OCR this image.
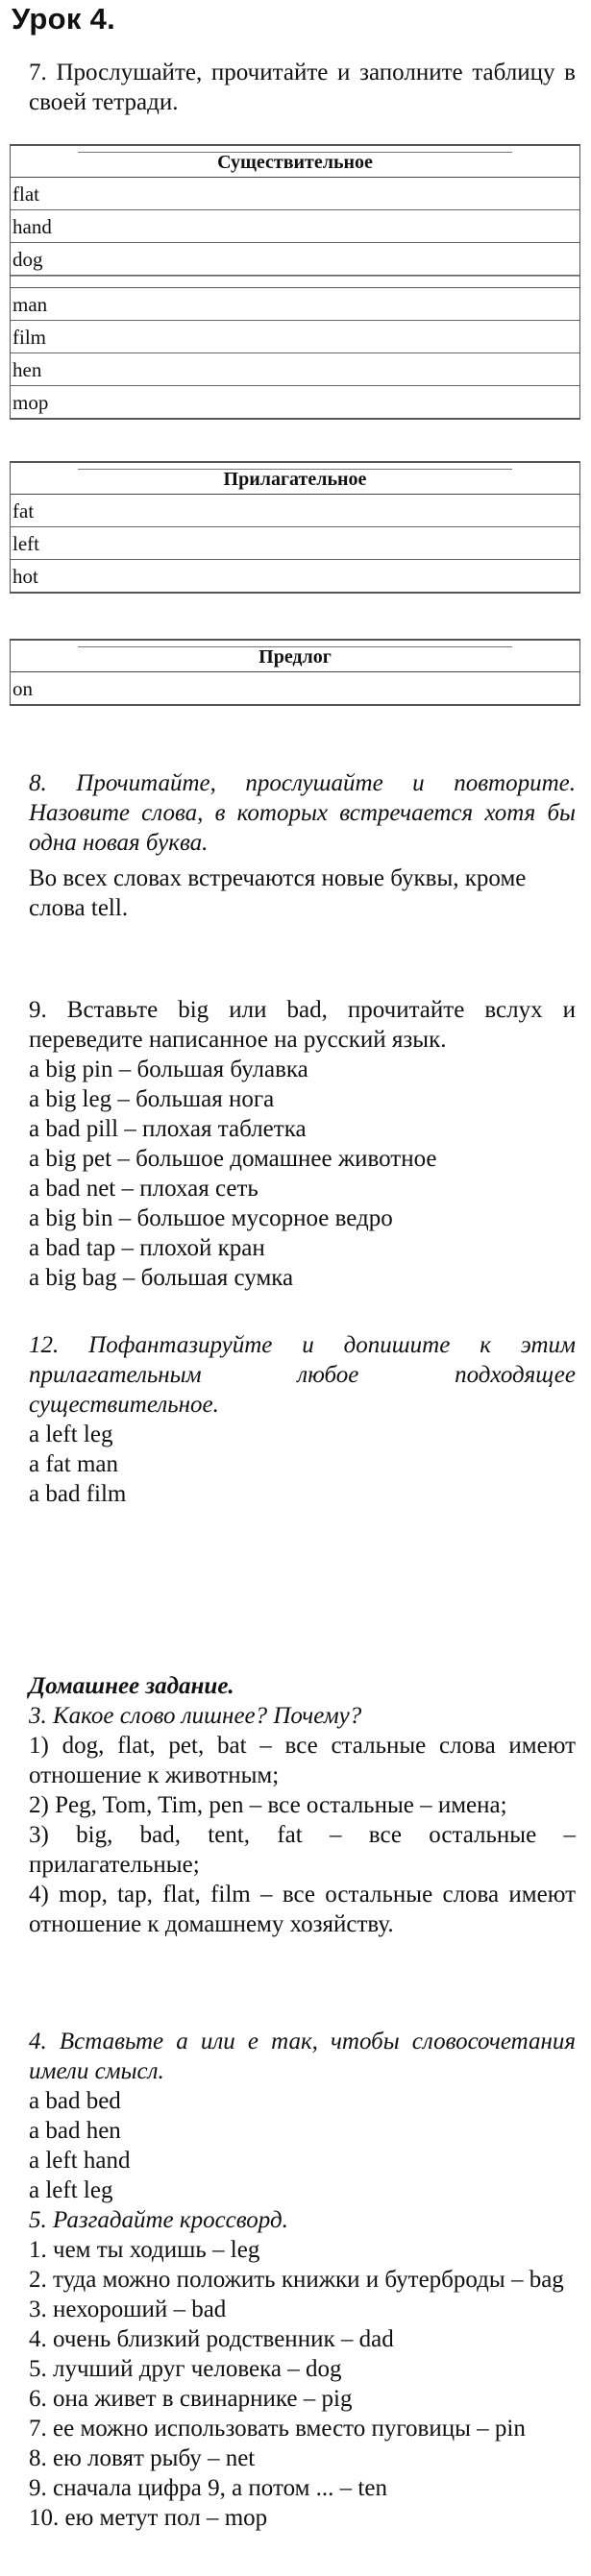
Урок 4.

7. Прослушайте, прочитайте и заполните таблицу в своей тетради.

Существительное
flat
hand
dog
man
film
hen
mop
Прилагательное
fat
left
hot
Предлог
on

8. Прочитайте, прослушайте и повторите. Назовите слова, в которых встречается хотя бы одна новая буква.

Во всех словах встречаются новые буквы, кроме слова tell.

9. Вставьте big или bad, прочитайте вслух и переведите написанное на русский язык.

a big pin – большая булавка

a big leg – большая нога

a bad pill – плохая таблетка

a big pet – большое домашнее животное

a bad net – плохая сеть

a big bin – большое мусорное ведро

a bad tap – плохой кран

a big bag – большая сумка

12. Пофантазируйте и допишите к этим прилагательным любое подходящее существительное.

a left leg

a fat man

a bad film

Домашнее задание.

3. Какое слово лишнее? Почему?

1) dog, flat, pet, bat – все стальные слова имеют отношение к животным;

2) Peg, Tom, Tim, pen – все остальные – имена;

3) big, bad, tent, fat – все остальные – прилагательные;

4) mop, tap, flat, film – все остальные слова имеют отношение к домашнему хозяйству.

4. Вставьте a или e так, чтобы словосочетания имели смысл.

a bad bed

a bad hen

a left hand

a left leg

5. Разгадайте кроссворд.

1. чем ты ходишь – leg

2. туда можно положить книжки и бутерброды – bag

3. нехороший – bad

4. очень близкий родственник – dad

5. лучший друг человека – dog

6. она живет в свинарнике – pig

7. ее можно использовать вместо пуговицы – pin

8. ею ловят рыбу – net

9. сначала цифра 9, а потом ... – ten

10. ею метут пол – mop
